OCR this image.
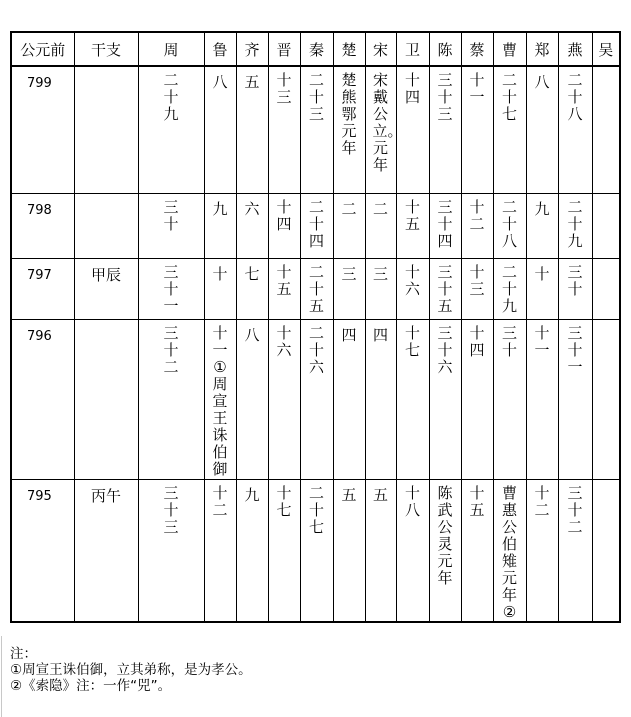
公元前	干支	周	鲁	齐	晋	秦	楚	宋	卫	陈	蔡	曹	郑	燕	吴
799		二十九	八	五	十三	二十三	楚熊鄂元年	宋戴公立。元年	十四	三十三	十一	二十七	八	二十八	
798		三十	九	六	十四	二十四	二	二	十五	三十四	十二	二十八	九	二十九	
797	甲辰	三十一	十	七	十五	二十五	三	三	十六	三十五	十三	二十九	十	三十	
796		三十二	十一①周宣王诛伯御	八	十六	二十六	四	四	十七	三十六	十四	三十	十一	三十一	
795	丙午	三十三	十二	九	十七	二十七	五	五	十八	陈武公灵元年	十五	曹惠公伯雉元年②	十二	三十二	
注：
①周宣王诛伯御，立其弟称，是为孝公。
②《索隐》注：一作“兕”。
